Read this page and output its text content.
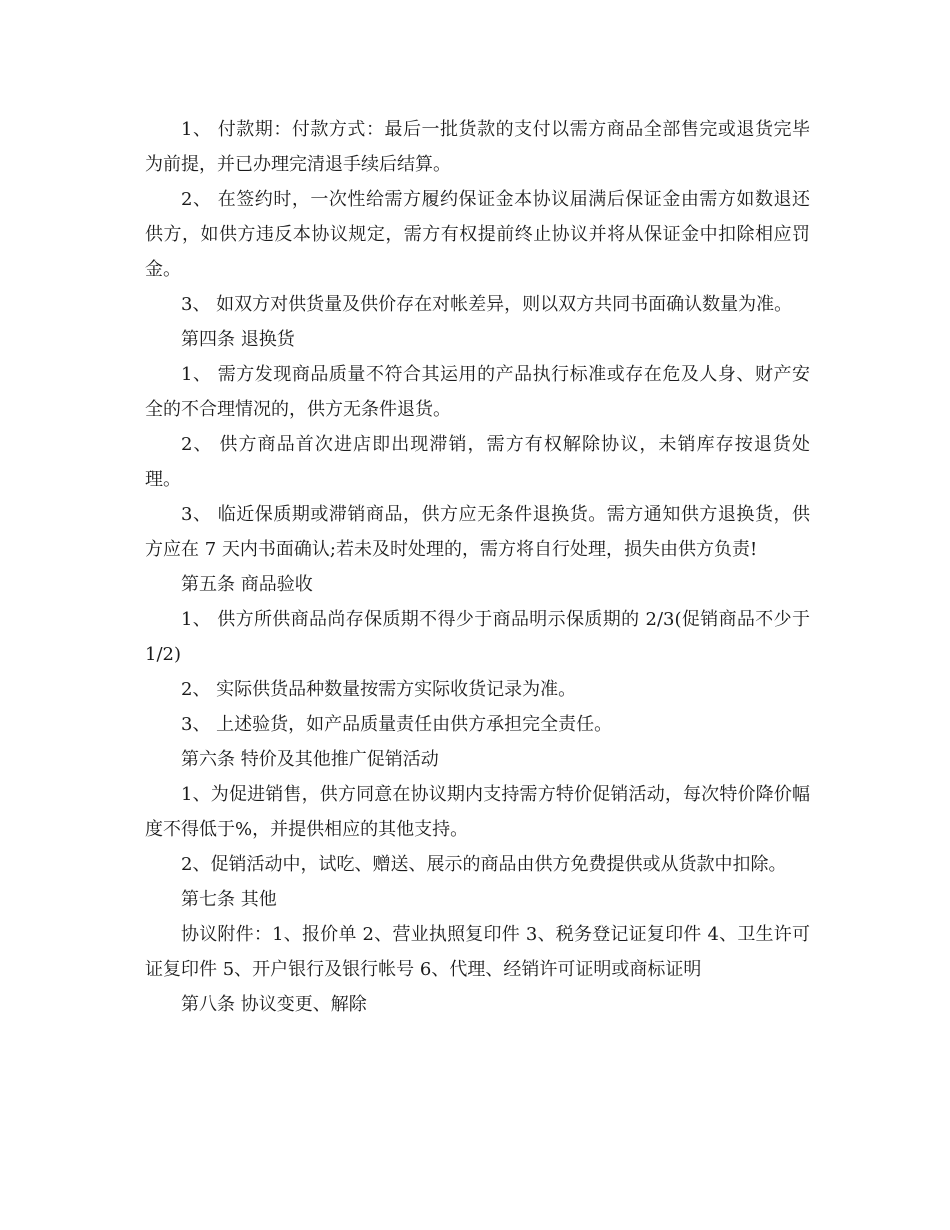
1、 付款期：付款方式：最后一批货款的支付以需方商品全部售完或退货完毕为前提，并已办理完清退手续后结算。

2、 在签约时，一次性给需方履约保证金本协议届满后保证金由需方如数退还供方，如供方违反本协议规定，需方有权提前终止协议并将从保证金中扣除相应罚金。

3、 如双方对供货量及供价存在对帐差异，则以双方共同书面确认数量为准。

第四条 退换货

1、 需方发现商品质量不符合其运用的产品执行标准或存在危及人身、财产安全的不合理情况的，供方无条件退货。

2、 供方商品首次进店即出现滞销，需方有权解除协议，未销库存按退货处理。

3、 临近保质期或滞销商品，供方应无条件退换货。需方通知供方退换货，供方应在 7 天内书面确认;若未及时处理的，需方将自行处理，损失由供方负责!

第五条 商品验收

1、 供方所供商品尚存保质期不得少于商品明示保质期的 2/3(促销商品不少于 1/2)

2、 实际供货品种数量按需方实际收货记录为准。

3、 上述验货，如产品质量责任由供方承担完全责任。

第六条 特价及其他推广促销活动

1、为促进销售，供方同意在协议期内支持需方特价促销活动，每次特价降价幅度不得低于%，并提供相应的其他支持。

2、促销活动中，试吃、赠送、展示的商品由供方免费提供或从货款中扣除。

第七条 其他

协议附件：1、报价单 2、营业执照复印件 3、税务登记证复印件 4、卫生许可证复印件 5、开户银行及银行帐号 6、代理、经销许可证明或商标证明

第八条 协议变更、解除
